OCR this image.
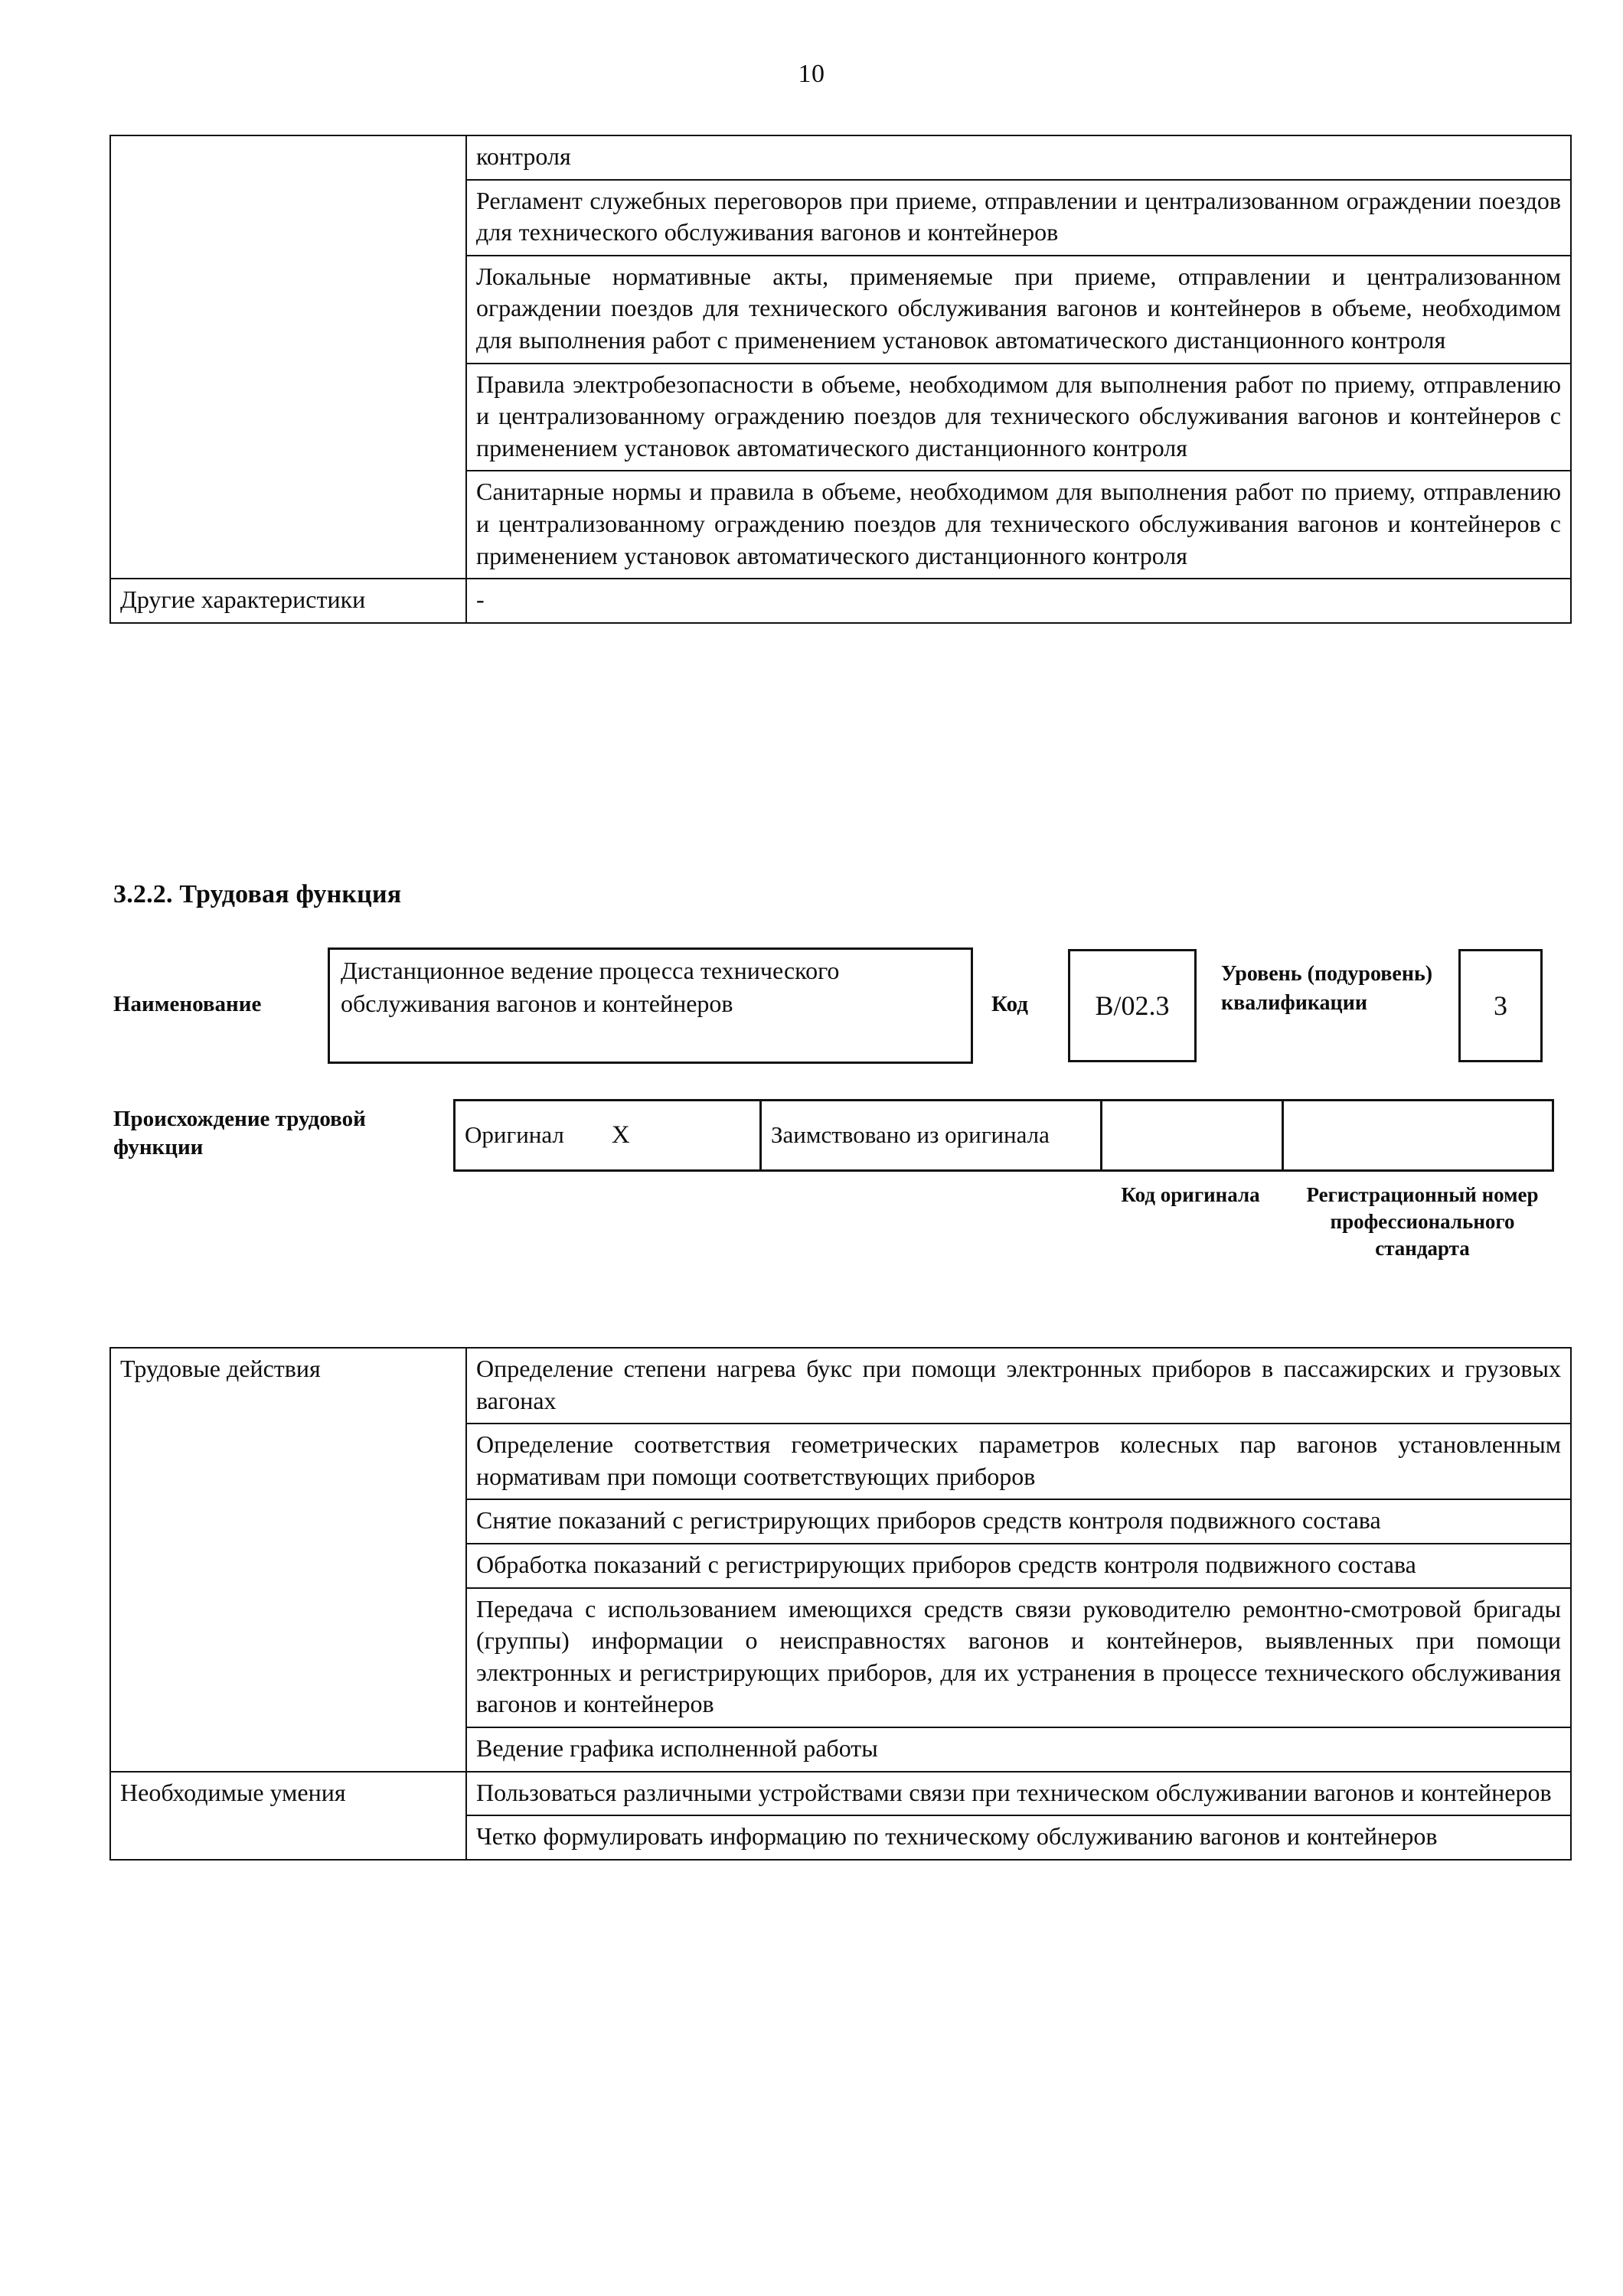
10
	контроля
	Регламент служебных переговоров при приеме, отправлении и централизованном ограждении поездов для технического обслуживания вагонов и контейнеров
	Локальные нормативные акты, применяемые при приеме, отправлении и централизованном ограждении поездов для технического обслуживания вагонов и контейнеров в объеме, необходимом для выполнения работ с применением установок автоматического дистанционного контроля
	Правила электробезопасности в объеме, необходимом для выполнения работ по приему, отправлению и централизованному ограждению поездов для технического обслуживания вагонов и контейнеров с применением установок автоматического дистанционного контроля
	Санитарные нормы и правила в объеме, необходимом для выполнения работ по приему, отправлению и централизованному ограждению поездов для технического обслуживания вагонов и контейнеров с применением установок автоматического дистанционного контроля
Другие характеристики	-
3.2.2. Трудовая функция
Наименование
Дистанционное ведение процесса технического обслуживания вагонов и контейнеров	Код	B/02.3
Уровень (подуровень) квалификации	3
Происхождение трудовой функции	Оригинал X	Заимствовано из оригинала		
Код оригинала	Регистрационный номер профессионального стандарта
Трудовые действия	Определение степени нагрева букс при помощи электронных приборов в пассажирских и грузовых вагонах
	Определение соответствия геометрических параметров колесных пар вагонов установленным нормативам при помощи соответствующих приборов
	Снятие показаний с регистрирующих приборов средств контроля подвижного состава
	Обработка показаний с регистрирующих приборов средств контроля подвижного состава
	Передача с использованием имеющихся средств связи руководителю ремонтно-смотровой бригады (группы) информации о неисправностях вагонов и контейнеров, выявленных при помощи электронных и регистрирующих приборов, для их устранения в процессе технического обслуживания вагонов и контейнеров
	Ведение графика исполненной работы
Необходимые умения	Пользоваться различными устройствами связи при техническом обслуживании вагонов и контейнеров
	Четко формулировать информацию по техническому обслуживанию вагонов и контейнеров
